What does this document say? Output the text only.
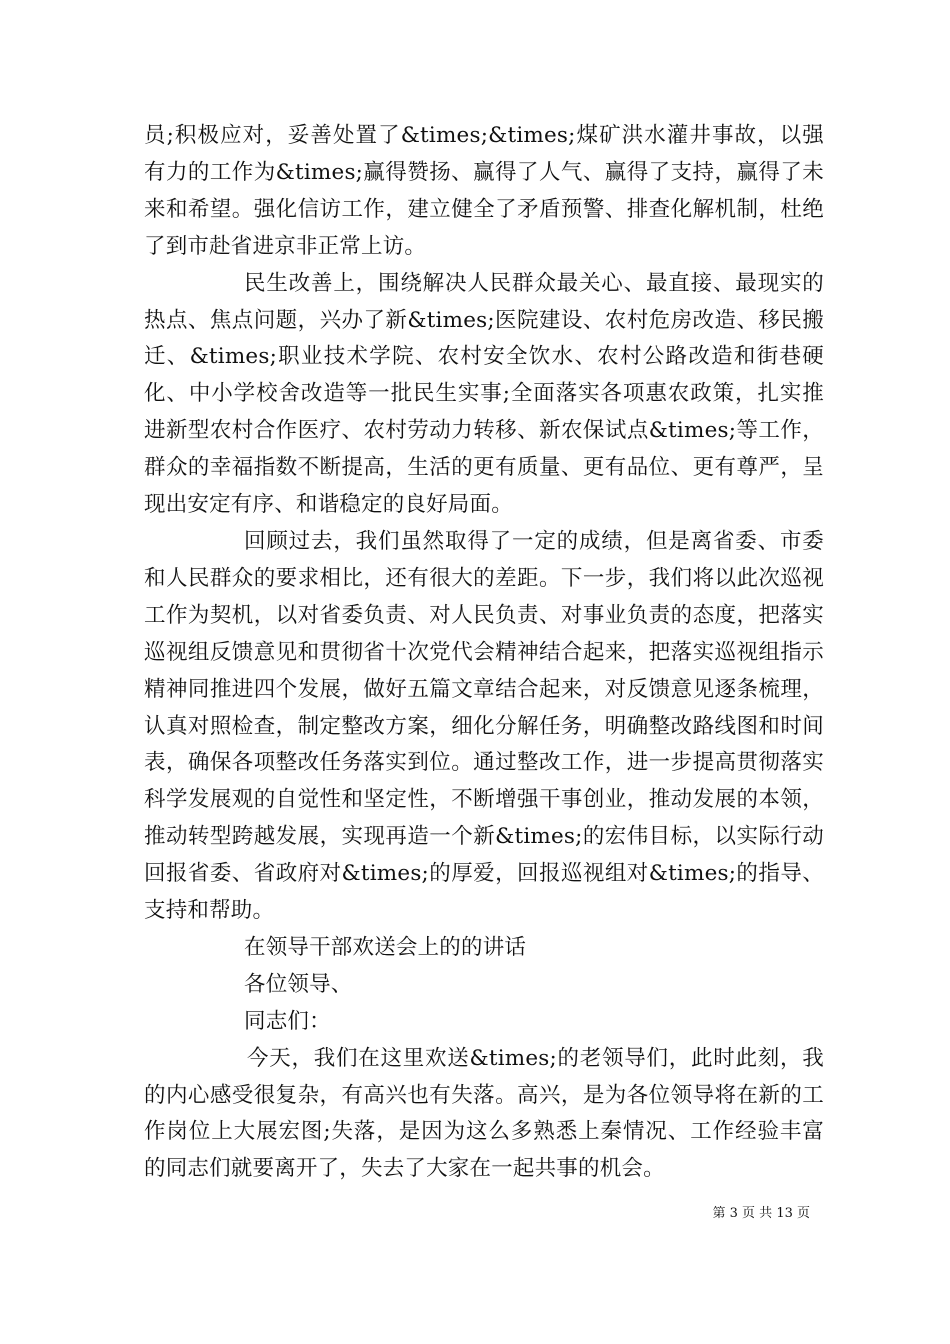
员;积极应对，妥善处置了&times;&times;煤矿洪水灌井事故，以强有力的工作为&times;赢得赞扬、赢得了人气、赢得了支持，赢得了未来和希望。强化信访工作，建立健全了矛盾预警、排查化解机制，杜绝了到市赴省进京非正常上访。

民生改善上，围绕解决人民群众最关心、最直接、最现实的热点、焦点问题，兴办了新&times;医院建设、农村危房改造、移民搬迁、&times;职业技术学院、农村安全饮水、农村公路改造和街巷硬化、中小学校舍改造等一批民生实事;全面落实各项惠农政策，扎实推进新型农村合作医疗、农村劳动力转移、新农保试点&times;等工作，群众的幸福指数不断提高，生活的更有质量、更有品位、更有尊严，呈现出安定有序、和谐稳定的良好局面。

回顾过去，我们虽然取得了一定的成绩，但是离省委、市委和人民群众的要求相比，还有很大的差距。下一步，我们将以此次巡视工作为契机，以对省委负责、对人民负责、对事业负责的态度，把落实巡视组反馈意见和贯彻省十次党代会精神结合起来，把落实巡视组指示精神同推进四个发展，做好五篇文章结合起来，对反馈意见逐条梳理，认真对照检查，制定整改方案，细化分解任务，明确整改路线图和时间表，确保各项整改任务落实到位。通过整改工作，进一步提高贯彻落实科学发展观的自觉性和坚定性，不断增强干事创业，推动发展的本领，推动转型跨越发展，实现再造一个新&times;的宏伟目标，以实际行动回报省委、省政府对&times;的厚爱，回报巡视组对&times;的指导、支持和帮助。

在领导干部欢送会上的的讲话

各位领导、

同志们：

今天，我们在这里欢送&times;的老领导们，此时此刻，我的内心感受很复杂，有高兴也有失落。高兴，是为各位领导将在新的工作岗位上大展宏图;失落，是因为这么多熟悉上秦情况、工作经验丰富的同志们就要离开了，失去了大家在一起共事的机会。

第 3 页 共 13 页
